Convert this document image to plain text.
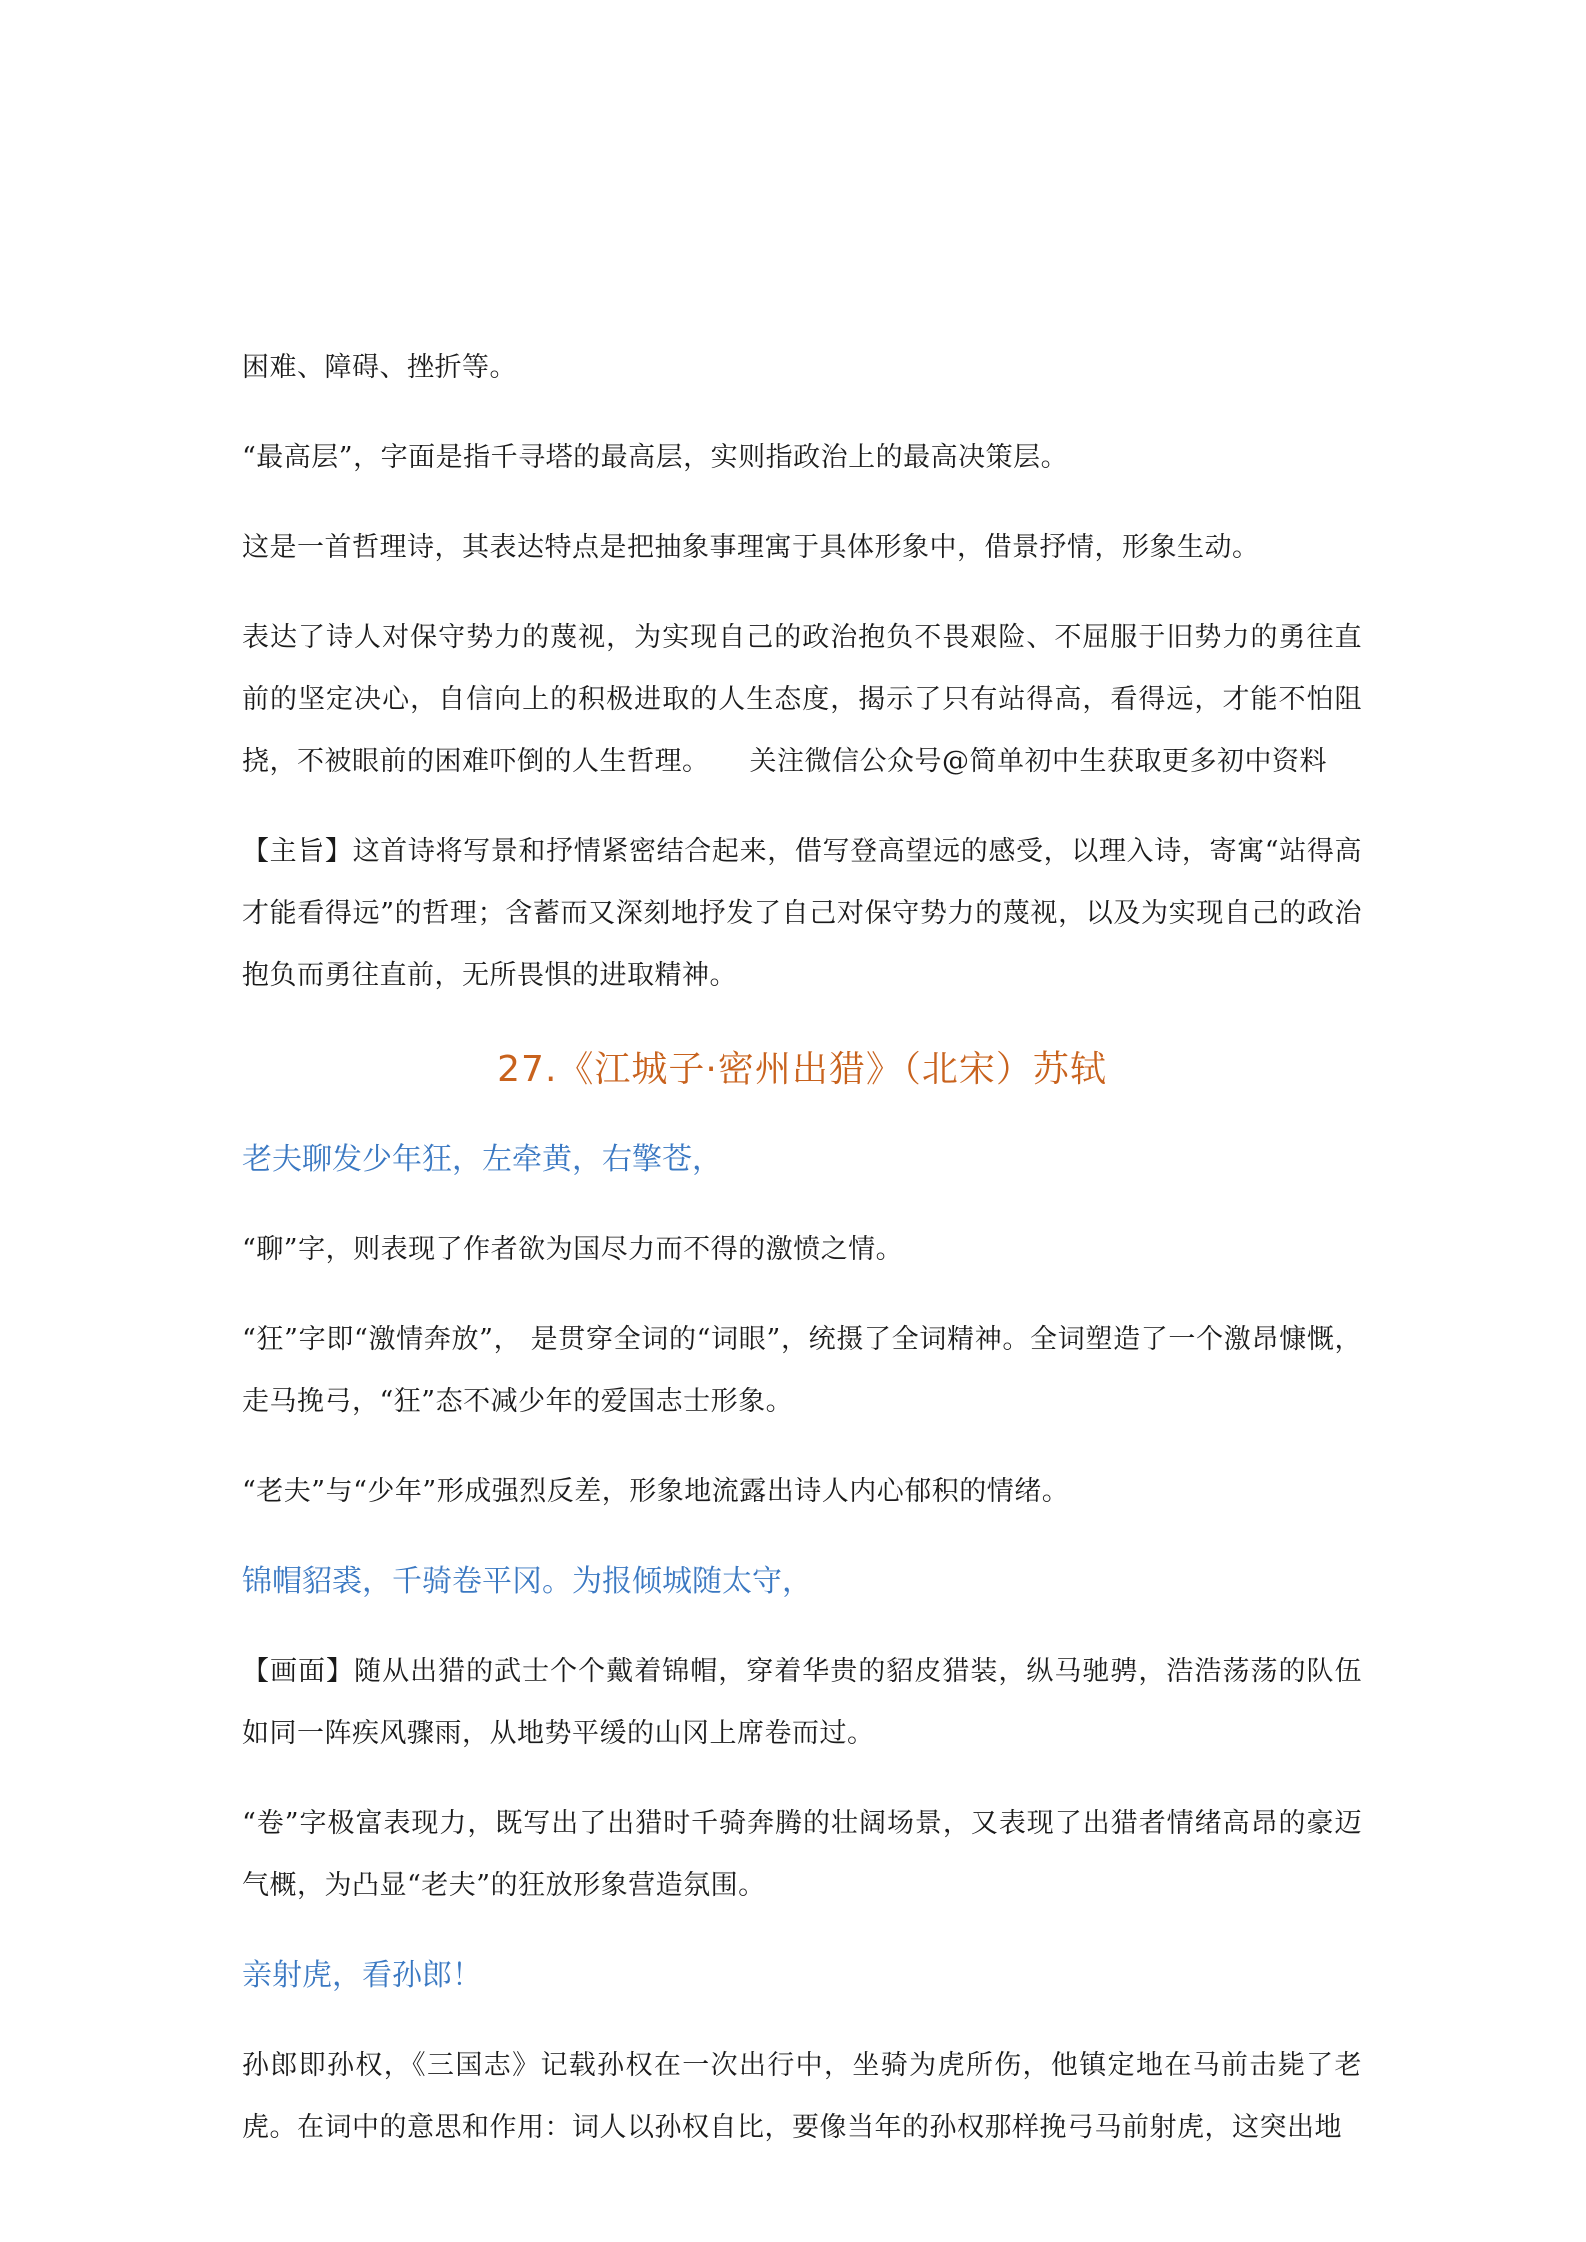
困难、障碍、挫折等。

“最高层”，字面是指千寻塔的最高层，实则指政治上的最高决策层。

这是一首哲理诗，其表达特点是把抽象事理寓于具体形象中，借景抒情，形象生动。

表达了诗人对保守势力的蔑视，为实现自己的政治抱负不畏艰险、不屈服于旧势力的勇往直前的坚定决心，自信向上的积极进取的人生态度，揭示了只有站得高，看得远，才能不怕阻挠，不被眼前的困难吓倒的人生哲理。 关注微信公众号@简单初中生获取更多初中资料

【主旨】这首诗将写景和抒情紧密结合起来，借写登高望远的感受，以理入诗，寄寓“站得高才能看得远”的哲理；含蓄而又深刻地抒发了自己对保守势力的蔑视，以及为实现自己的政治抱负而勇往直前，无所畏惧的进取精神。

27.《江城子·密州出猎》（北宋）苏轼
老夫聊发少年狂，左牵黄，右擎苍，

“聊”字，则表现了作者欲为国尽力而不得的激愤之情。

“狂”字即“激情奔放”， 是贯穿全词的“词眼”，统摄了全词精神。全词塑造了一个激昂慷慨，走马挽弓，“狂”态不减少年的爱国志士形象。

“老夫”与“少年”形成强烈反差，形象地流露出诗人内心郁积的情绪。

锦帽貂裘，千骑卷平冈。为报倾城随太守，

【画面】随从出猎的武士个个戴着锦帽，穿着华贵的貂皮猎装，纵马驰骋，浩浩荡荡的队伍如同一阵疾风骤雨，从地势平缓的山冈上席卷而过。

“卷”字极富表现力，既写出了出猎时千骑奔腾的壮阔场景，又表现了出猎者情绪高昂的豪迈气概，为凸显“老夫”的狂放形象营造氛围。

亲射虎，看孙郎！

孙郎即孙权，《三国志》记载孙权在一次出行中，坐骑为虎所伤，他镇定地在马前击毙了老虎。在词中的意思和作用：词人以孙权自比，要像当年的孙权那样挽弓马前射虎，这突出地
